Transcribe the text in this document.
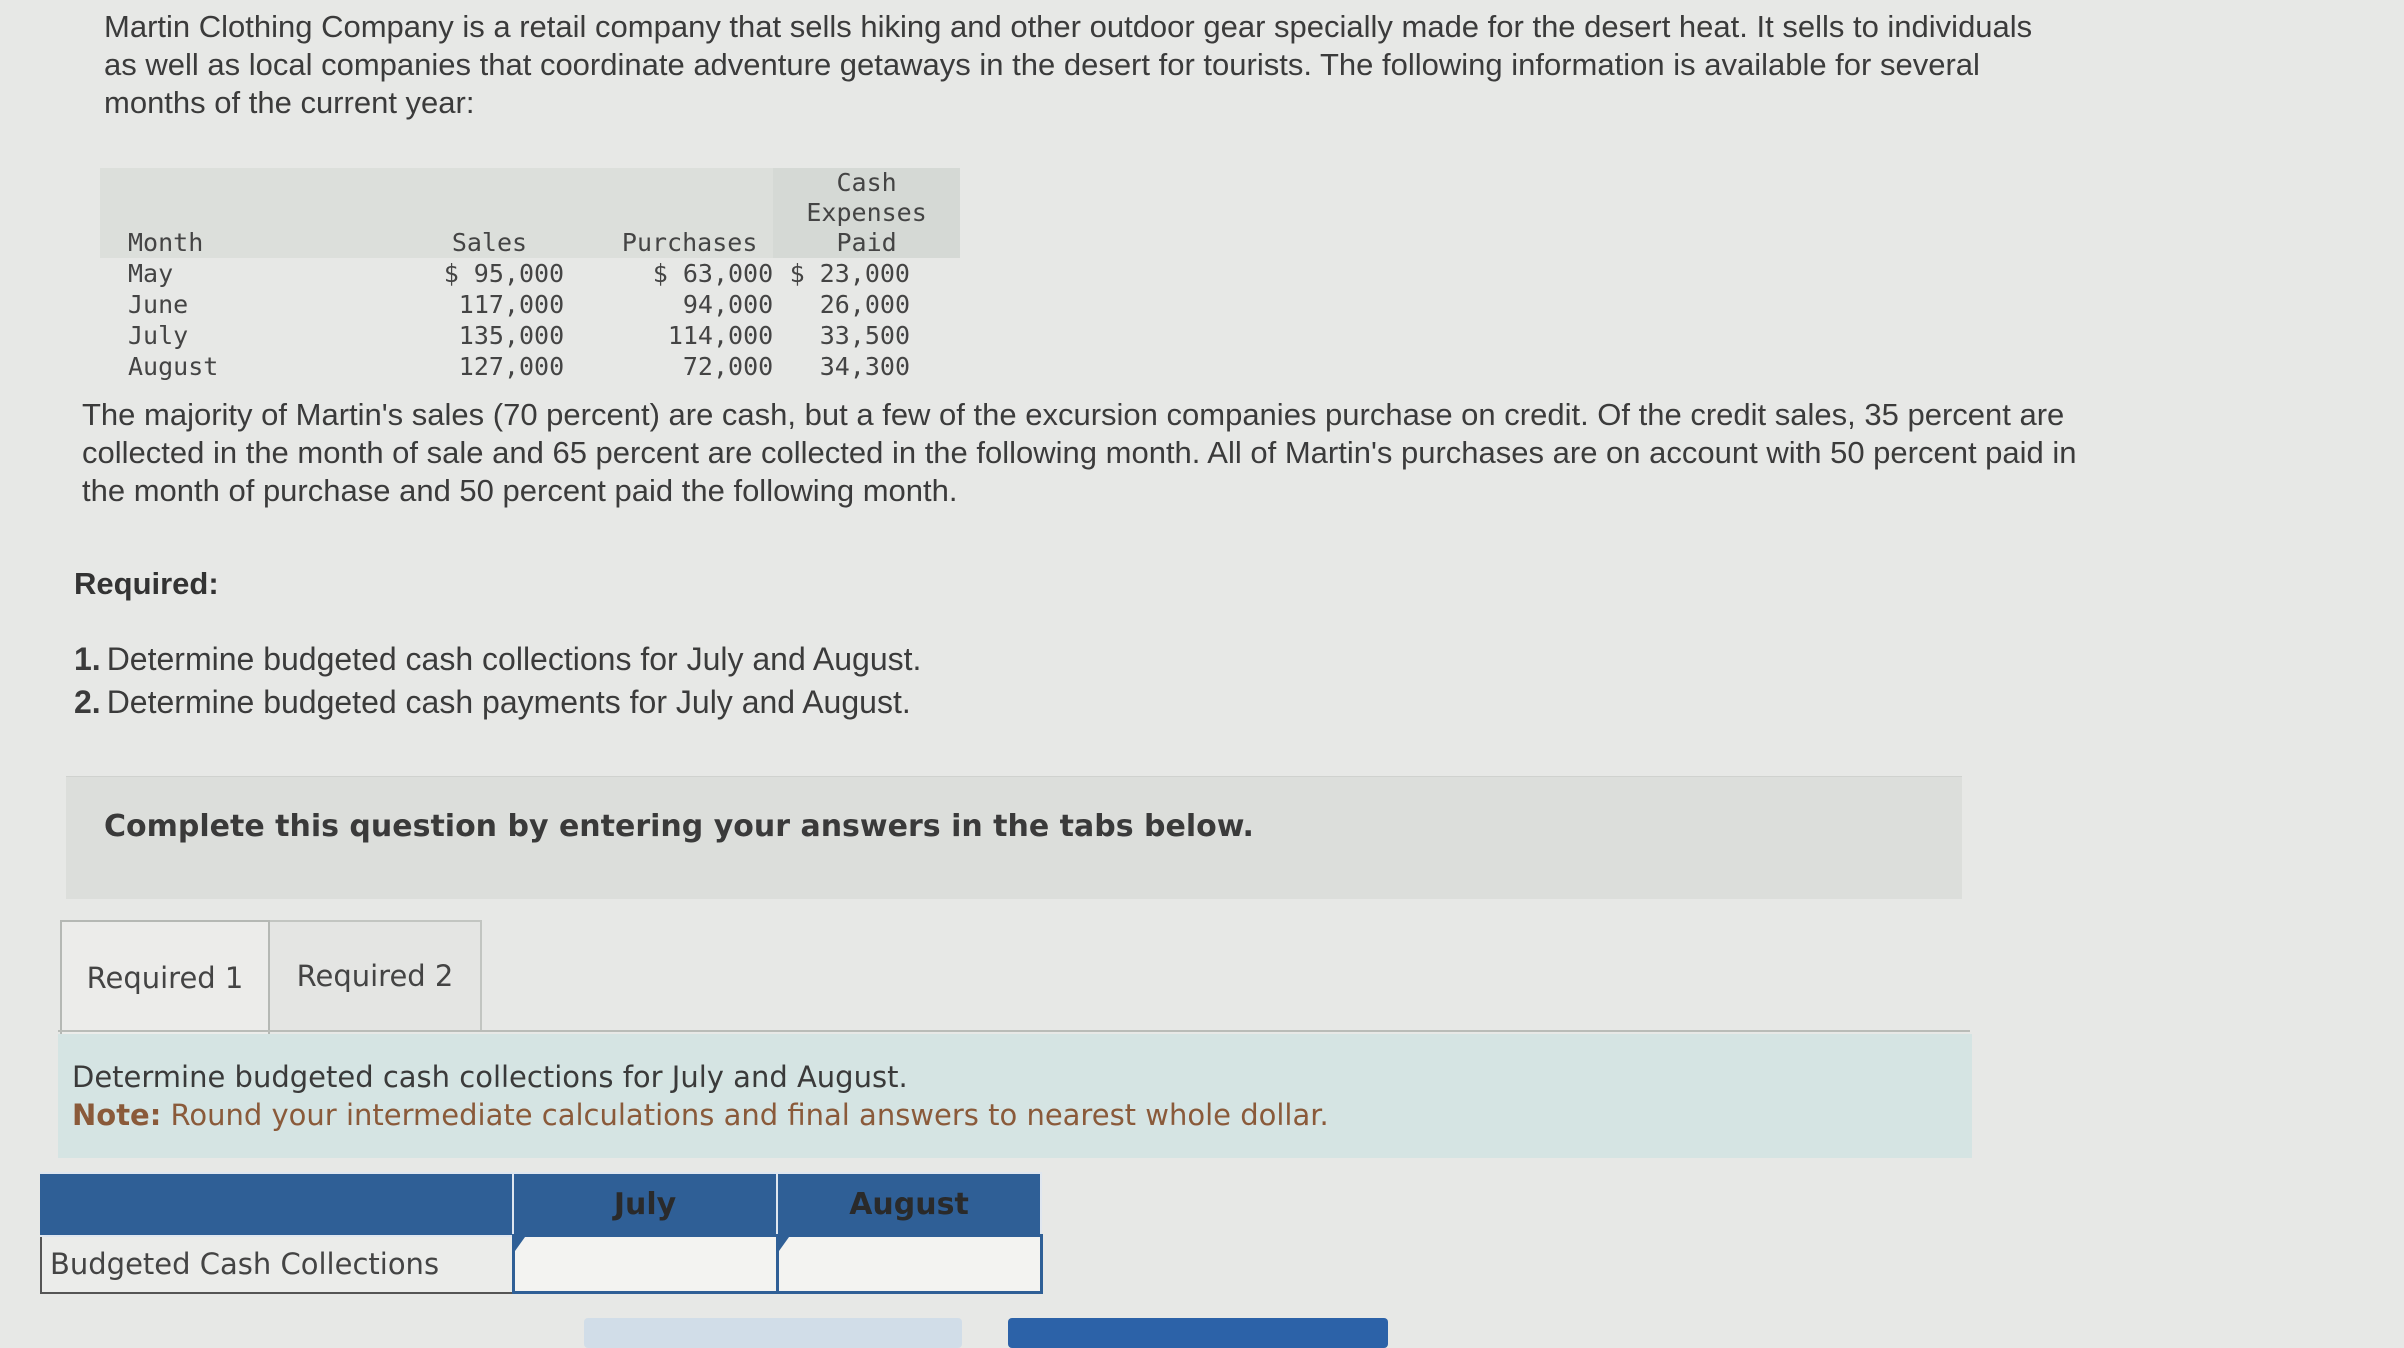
Martin Clothing Company is a retail company that sells hiking and other outdoor gear specially made for the desert heat. It sells to individuals as well as local companies that coordinate adventure getaways in the desert for tourists. The following information is available for several months of the current year:

Month	Sales	Purchases	Cash Expenses
Paid
May	$ 95,000	$ 63,000	$ 23,000
June	117,000	94,000	26,000
July	135,000	114,000	33,500
August	127,000	72,000	34,300

The majority of Martin's sales (70 percent) are cash, but a few of the excursion companies purchase on credit. Of the credit sales, 35 percent are collected in the month of sale and 65 percent are collected in the following month. All of Martin's purchases are on account with 50 percent paid in the month of purchase and 50 percent paid the following month.

Required:
1. Determine budgeted cash collections for July and August.
2. Determine budgeted cash payments for July and August.

Complete this question by entering your answers in the tabs below.

Required 1	Required 2

Determine budgeted cash collections for July and August.

Note: Round your intermediate calculations and final answers to nearest whole dollar.

	July	August
Budgeted Cash Collections		
